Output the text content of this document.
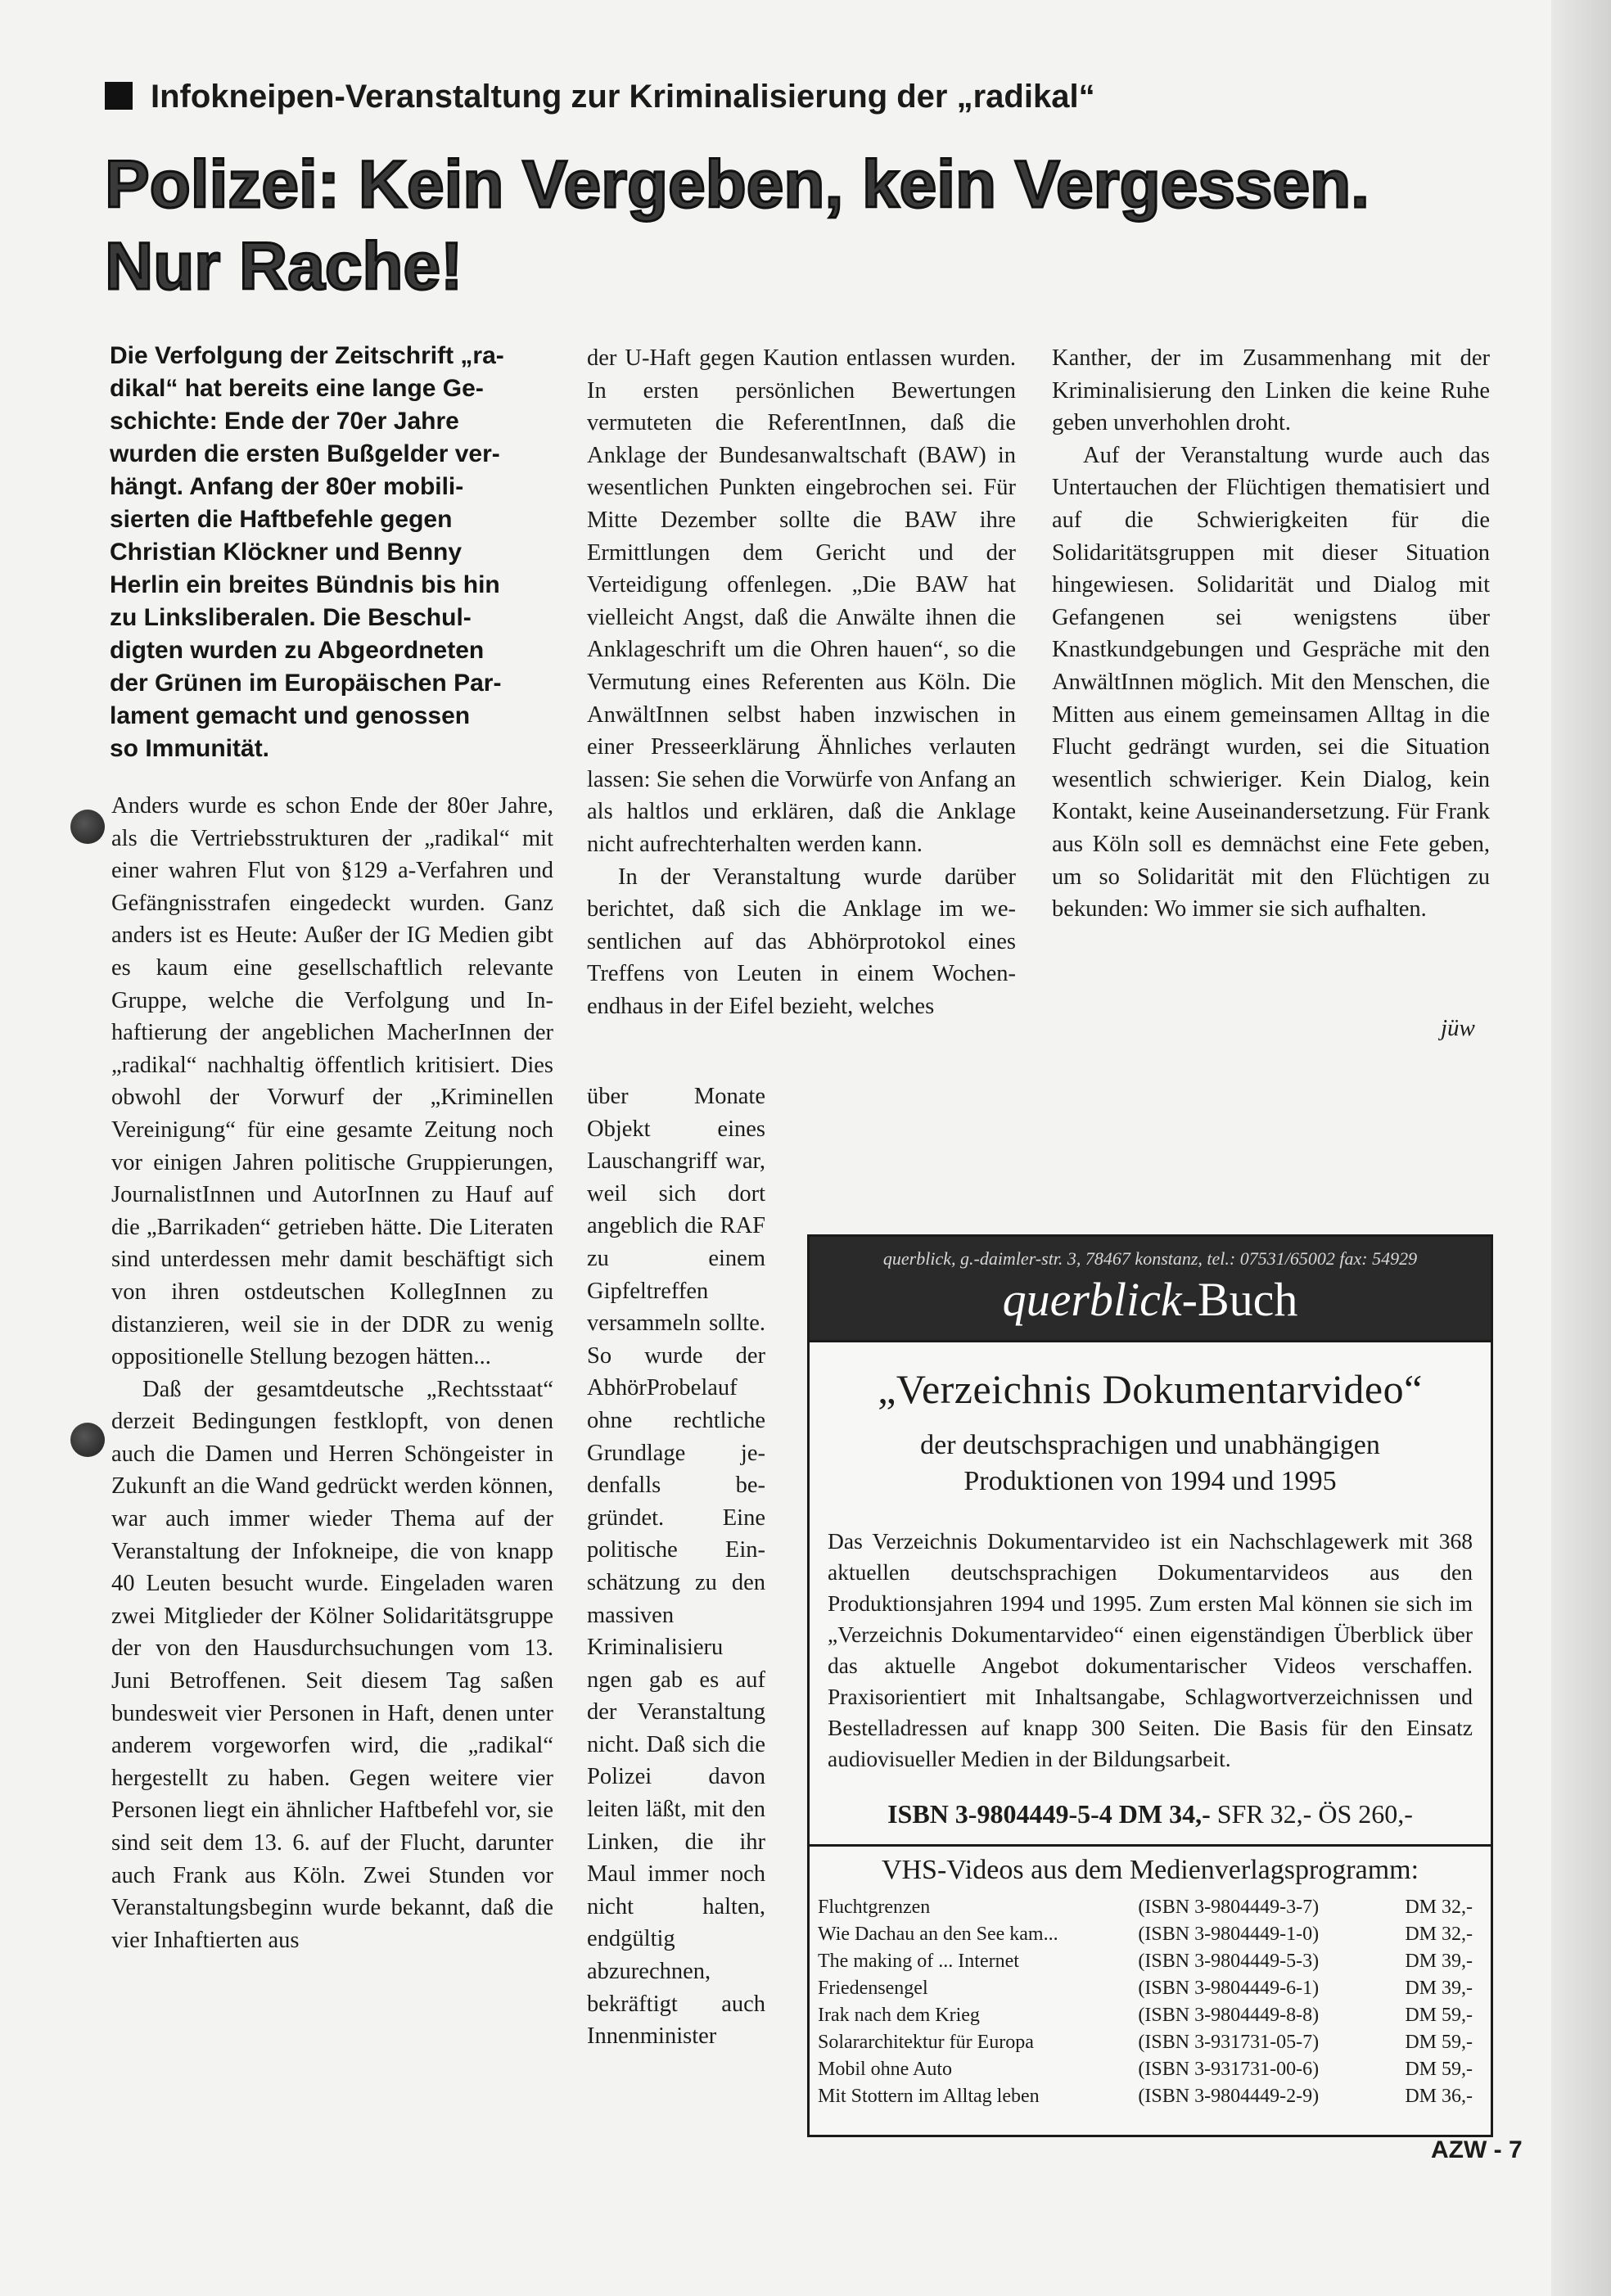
Infokneipen-Veranstaltung zur Kriminalisierung der „radikal“
Polizei: Kein Vergeben, kein Vergessen.
Nur Rache!
Die Verfolgung der Zeitschrift „ra-
dikal“ hat bereits eine lange Ge-
schichte: Ende der 70er Jahre
wurden die ersten Bußgelder ver-
hängt. Anfang der 80er mobili-
sierten die Haftbefehle gegen
Christian Klöckner und Benny
Herlin ein breites Bündnis bis hin
zu Linksliberalen. Die Beschul-
digten wurden zu Abgeordneten
der Grünen im Europäischen Par-
lament gemacht und genossen
so Immunität.

Anders wurde es schon Ende der 80er Jahre, als die Vertriebsstrukturen der „radikal“ mit einer wahren Flut von §129 a-Verfahren und Gefängnisstrafen eingedeckt wurden. Ganz anders ist es Heute: Außer der IG Medien gibt es kaum eine gesellschaftlich relevante Gruppe, welche die Verfolgung und Inhaftierung der angeblichen MacherInnen der „radikal“ nachhaltig öffentlich kritisiert. Dies obwohl der Vorwurf der „Kriminellen Vereinigung“ für eine gesamte Zeitung noch vor einigen Jahren politische Gruppierungen, JournalistInnen und AutorInnen zu Hauf auf die „Barrikaden“ getrieben hätte. Die Literaten sind unterdessen mehr damit beschäftigt sich von ihren ostdeutschen KollegInnen zu distanzieren, weil sie in der DDR zu wenig oppositionelle Stellung bezogen hätten...

Daß der gesamtdeutsche „Rechtsstaat“ derzeit Bedingungen festklopft, von denen auch die Damen und Herren Schöngeister in Zukunft an die Wand gedrückt werden können, war auch immer wieder Thema auf der Veranstaltung der Infokneipe, die von knapp 40 Leuten besucht wurde. Eingeladen waren zwei Mitglieder der Kölner Solidaritätsgruppe der von den Hausdurchsuchungen vom 13. Juni Betroffenen. Seit diesem Tag saßen bundesweit vier Personen in Haft, denen unter anderem vorgeworfen wird, die „radikal“ hergestellt zu haben. Gegen weitere vier Personen liegt ein ähnlicher Haftbefehl vor, sie sind seit dem 13. 6. auf der Flucht, darunter auch Frank aus Köln. Zwei Stunden vor Veranstaltungsbeginn wurde bekannt, daß die vier Inhaftierten aus

der U-Haft gegen Kaution entlassen wurden. In ersten persönlichen Bewertungen vermuteten die ReferentInnen, daß die Anklage der Bundesanwaltschaft (BAW) in wesentlichen Punkten eingebrochen sei. Für Mitte Dezember sollte die BAW ihre Ermittlungen dem Gericht und der Verteidigung offenlegen. „Die BAW hat vielleicht Angst, daß die Anwälte ihnen die Anklageschrift um die Ohren hauen“, so die Vermutung eines Referenten aus Köln. Die AnwältInnen selbst haben inzwischen in einer Presseerklärung Ähnliches verlauten lassen: Sie sehen die Vorwürfe von Anfang an als haltlos und erklären, daß die Anklage nicht aufrechterhalten werden kann.

In der Veranstaltung wurde darüber berichtet, daß sich die Anklage im wesentlichen auf das Abhörprotokol eines Treffens von Leuten in einem Wochenendhaus in der Eifel bezieht, welches

über Monate Objekt eines Lauschangriff war, weil sich dort angeblich die RAF zu einem Gipfeltreffen versammeln sollte. So wurde der AbhörProbelauf ohne rechtliche Grundlage jedenfalls begründet. Eine politische Einschätzung zu den massiven Kriminalisieru ngen gab es auf der Veranstaltung nicht. Daß sich die Polizei davon leiten läßt, mit den Linken, die ihr Maul immer noch nicht halten, endgültig abzurechnen, bekräftigt auch Innenminister

Kanther, der im Zusammenhang mit der Kriminalisierung den Linken die keine Ruhe geben unverhohlen droht.

Auf der Veranstaltung wurde auch das Untertauchen der Flüchtigen thematisiert und auf die Schwierigkeiten für die Solidaritätsgruppen mit dieser Situation hingewiesen. Solidarität und Dialog mit Gefangenen sei wenigstens über Knastkundgebungen und Gespräche mit den AnwältInnen möglich. Mit den Menschen, die Mitten aus einem gemeinsamen Alltag in die Flucht gedrängt wurden, sei die Situation wesentlich schwieriger. Kein Dialog, kein Kontakt, keine Auseinandersetzung. Für Frank aus Köln soll es demnächst eine Fete geben, um so Solidarität mit den Flüchtigen zu bekunden: Wo immer sie sich aufhalten.

jüw
querblick, g.-daimler-str. 3, 78467 konstanz, tel.: 07531/65002 fax: 54929
querblick-Buch
„Verzeichnis Dokumentarvideo“
der deutschsprachigen und unabhängigen
Produktionen von 1994 und 1995
Das Verzeichnis Dokumentarvideo ist ein Nachschlagewerk mit 368 aktuellen deutschsprachigen Dokumentarvideos aus den Produktionsjahren 1994 und 1995. Zum ersten Mal können sie sich im „Verzeichnis Dokumentarvideo“ einen eigenständigen Überblick über das aktuelle Angebot dokumentarischer Videos verschaffen. Praxisorientiert mit Inhaltsangabe, Schlagwortverzeichnissen und Bestelladressen auf knapp 300 Seiten. Die Basis für den Einsatz audiovisueller Medien in der Bildungsarbeit.
ISBN 3-9804449-5-4 DM 34,- SFR 32,- ÖS 260,-
VHS-Videos aus dem Medienverlagsprogramm:
Fluchtgrenzen	(ISBN 3-9804449-3-7)	DM 32,-
Wie Dachau an den See kam...	(ISBN 3-9804449-1-0)	DM 32,-
The making of ... Internet	(ISBN 3-9804449-5-3)	DM 39,-
Friedensengel	(ISBN 3-9804449-6-1)	DM 39,-
Irak nach dem Krieg	(ISBN 3-9804449-8-8)	DM 59,-
Solararchitektur für Europa	(ISBN 3-931731-05-7)	DM 59,-
Mobil ohne Auto	(ISBN 3-931731-00-6)	DM 59,-
Mit Stottern im Alltag leben	(ISBN 3-9804449-2-9)	DM 36,-
AZW - 7
